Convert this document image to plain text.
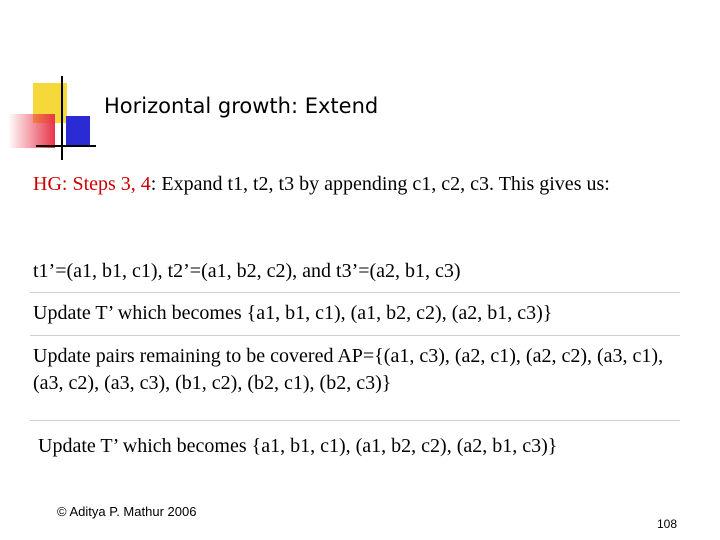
Horizontal growth: Extend
HG: Steps 3, 4: Expand t1, t2, t3 by appending c1, c2, c3. This gives us:
t1’=(a1, b1, c1), t2’=(a1, b2, c2), and t3’=(a2, b1, c3)
Update T’ which becomes {a1, b1, c1), (a1, b2, c2), (a2, b1, c3)}
Update pairs remaining to be covered AP={(a1, c3), (a2, c1), (a2, c2), (a3, c1), (a3, c2), (a3, c3), (b1, c2), (b2, c1), (b2, c3)}
Update T’ which becomes {a1, b1, c1), (a1, b2, c2), (a2, b1, c3)}
© Aditya P. Mathur 2006
108
